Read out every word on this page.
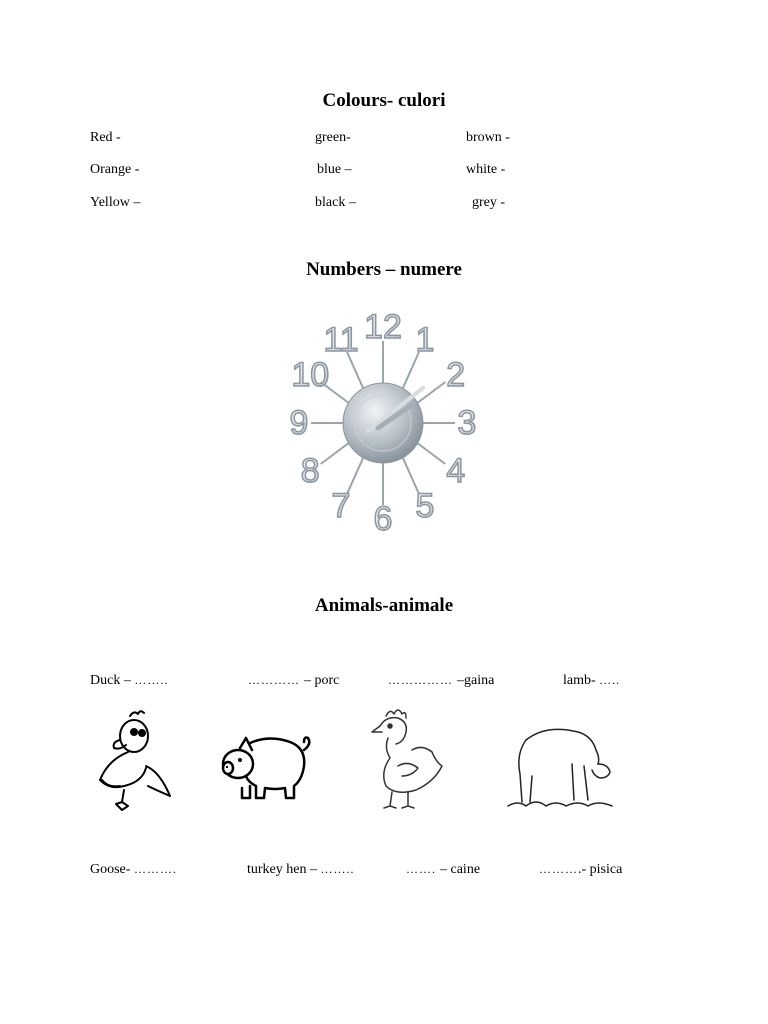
Colours- culori
Red -	green-	brown -
Orange -	blue –	white -
Yellow –	black –	grey -
Numbers – numere
12 1
2
3
4
5
6
7
8
9
10
11
Animals-animale
Duck – ……..	………… – porc	…………… –gaina	lamb- …..
Goose- ……….	turkey hen – ……..	……. – caine	……….- pisica
